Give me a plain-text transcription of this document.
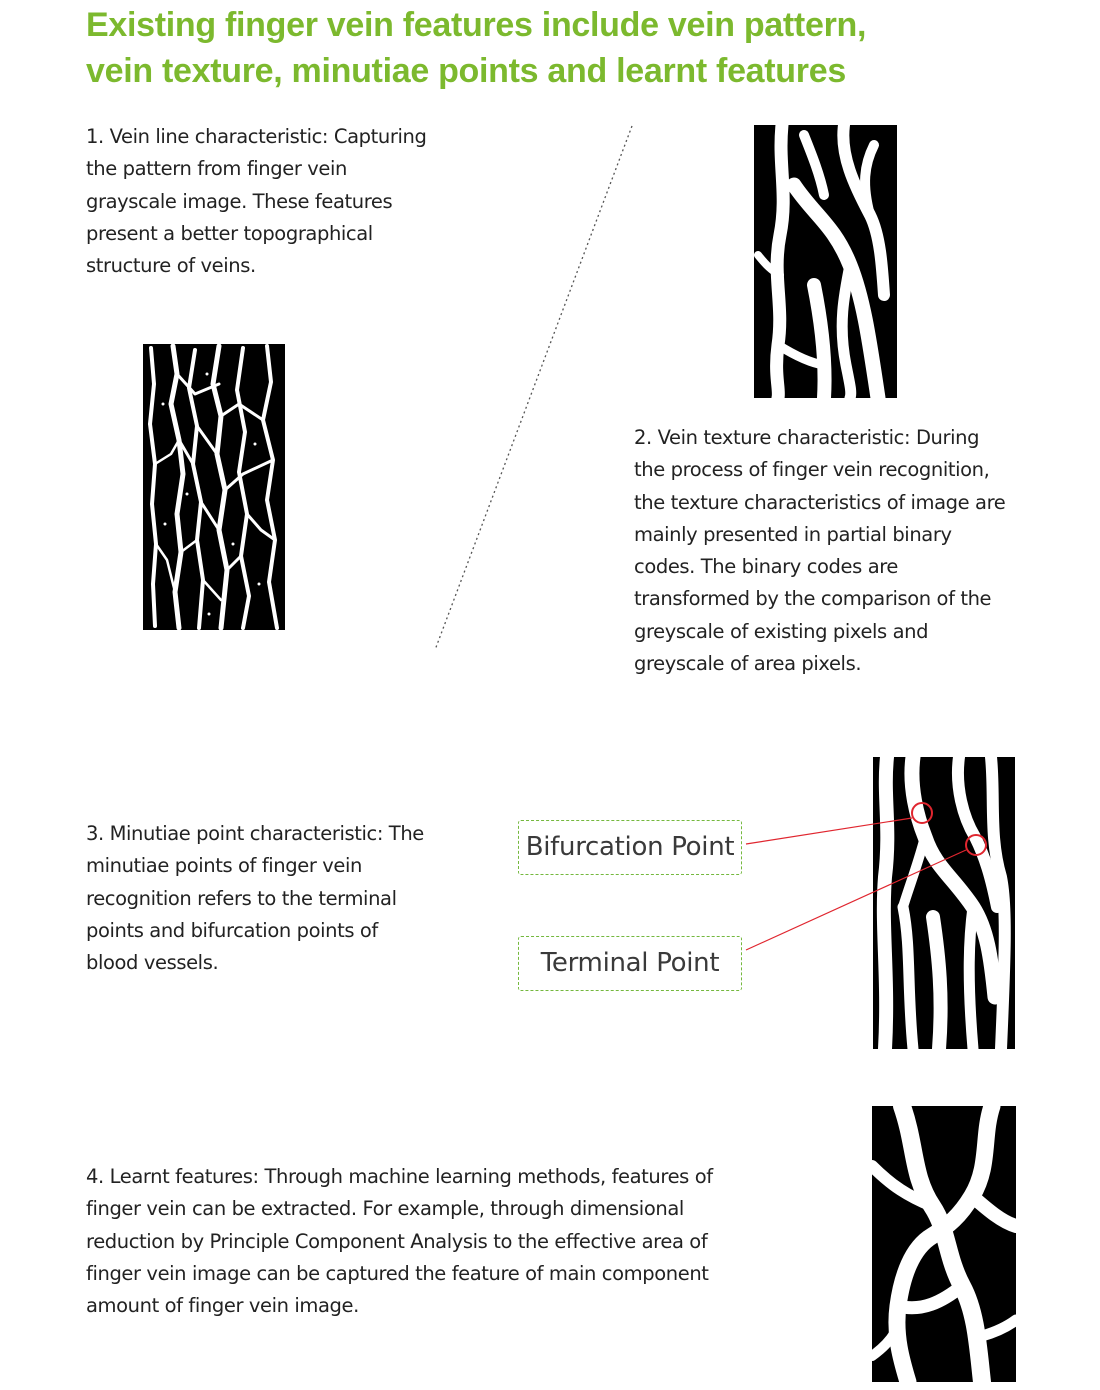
Existing finger vein features include vein pattern,
vein texture, minutiae points and learnt features
1. Vein line characteristic: Capturing
the pattern from finger vein
grayscale image. These features
present a better topographical
structure of veins.
2. Vein texture characteristic: During
the process of finger vein recognition,
the texture characteristics of image are
mainly presented in partial binary
codes. The binary codes are
transformed by the comparison of the
greyscale of existing pixels and
greyscale of area pixels.
3. Minutiae point characteristic: The
minutiae points of finger vein
recognition refers to the terminal
points and bifurcation points of
blood vessels.
Bifurcation Point
Terminal Point
4. Learnt features: Through machine learning methods, features of
finger vein can be extracted. For example, through dimensional
reduction by Principle Component Analysis to the effective area of
finger vein image can be captured the feature of main component
amount of finger vein image.
